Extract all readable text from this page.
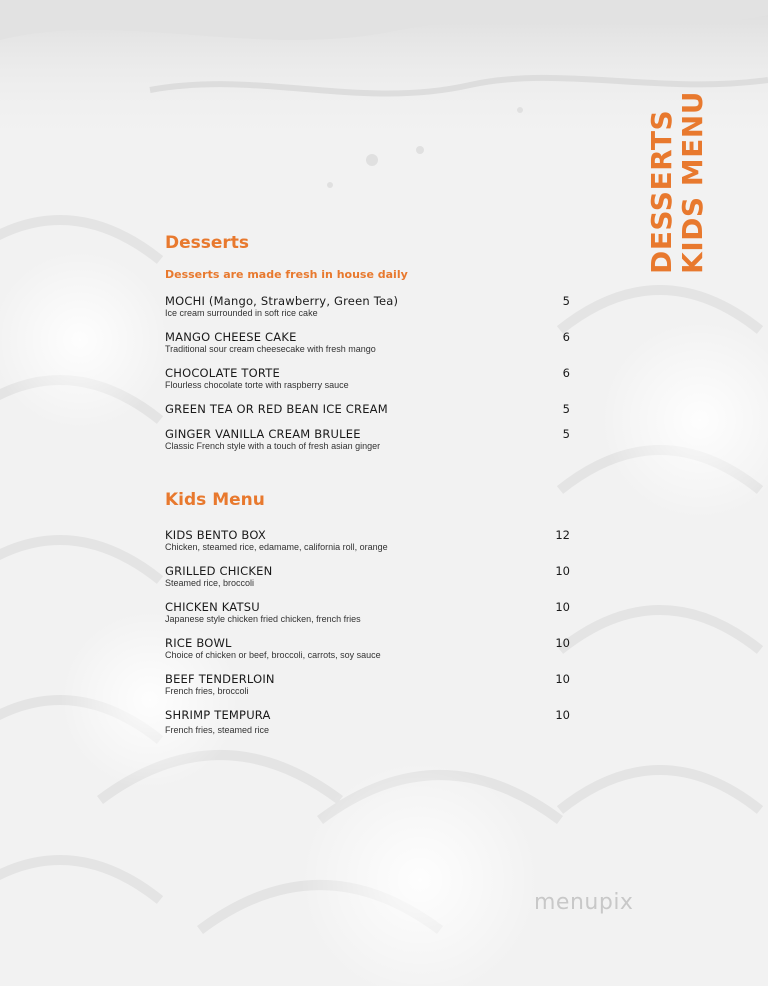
DESSERTS
KIDS MENU
Desserts
Desserts are made fresh in house daily
MOCHI (Mango, Strawberry, Green Tea)	5
Ice cream surrounded in soft rice cake
MANGO CHEESE CAKE	6
Traditional sour cream cheesecake with fresh mango
CHOCOLATE TORTE	6
Flourless chocolate torte with raspberry sauce
GREEN TEA OR RED BEAN ICE CREAM	5
GINGER VANILLA CREAM BRULEE	5
Classic French style with a touch of fresh asian ginger
Kids Menu
KIDS BENTO BOX	12
Chicken, steamed rice, edamame, california roll, orange
GRILLED CHICKEN	10
Steamed rice, broccoli
CHICKEN KATSU	10
Japanese style chicken fried chicken, french fries
RICE BOWL	10
Choice of chicken or beef, broccoli, carrots, soy sauce
BEEF TENDERLOIN	10
French fries, broccoli
SHRIMP TEMPURA	10
French fries, steamed rice
menupix
